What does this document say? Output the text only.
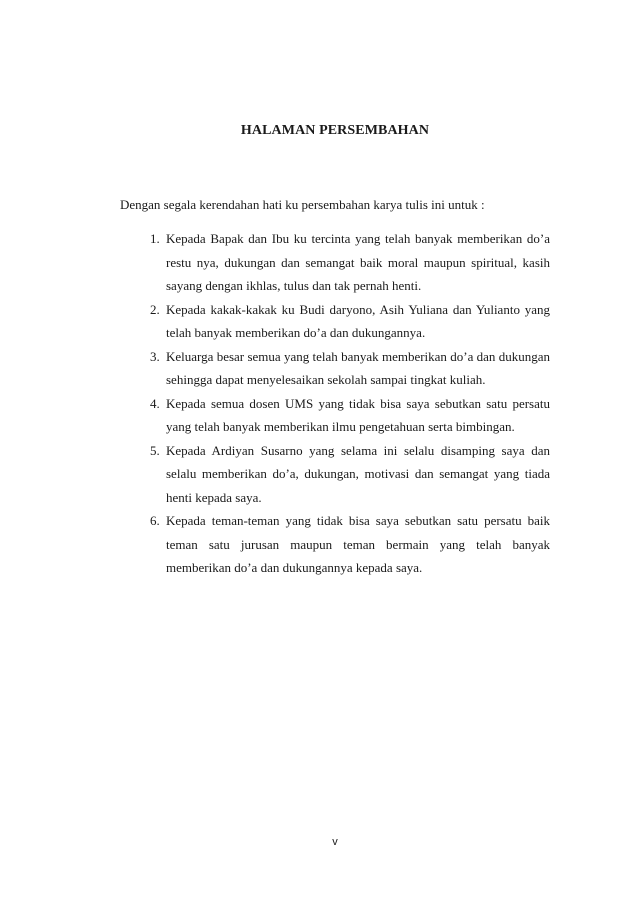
HALAMAN PERSEMBAHAN

Dengan segala kerendahan hati ku persembahan karya tulis ini untuk :

1. Kepada Bapak dan Ibu ku tercinta yang telah banyak memberikan do’a restu nya, dukungan dan semangat baik moral maupun spiritual, kasih sayang dengan ikhlas, tulus dan tak pernah henti.
2. Kepada kakak-kakak ku Budi daryono, Asih Yuliana dan Yulianto yang telah banyak memberikan do’a dan dukungannya.
3. Keluarga besar semua yang telah banyak memberikan do’a dan dukungan sehingga dapat menyelesaikan sekolah sampai tingkat kuliah.
4. Kepada semua dosen UMS yang tidak bisa saya sebutkan satu persatu yang telah banyak memberikan ilmu pengetahuan serta bimbingan.
5. Kepada Ardiyan Susarno yang selama ini selalu disamping saya dan selalu memberikan do’a, dukungan, motivasi dan semangat yang tiada henti kepada saya.
6. Kepada teman-teman yang tidak bisa saya sebutkan satu persatu baik teman satu jurusan maupun teman bermain yang telah banyak memberikan do’a dan dukungannya kepada saya.
v
